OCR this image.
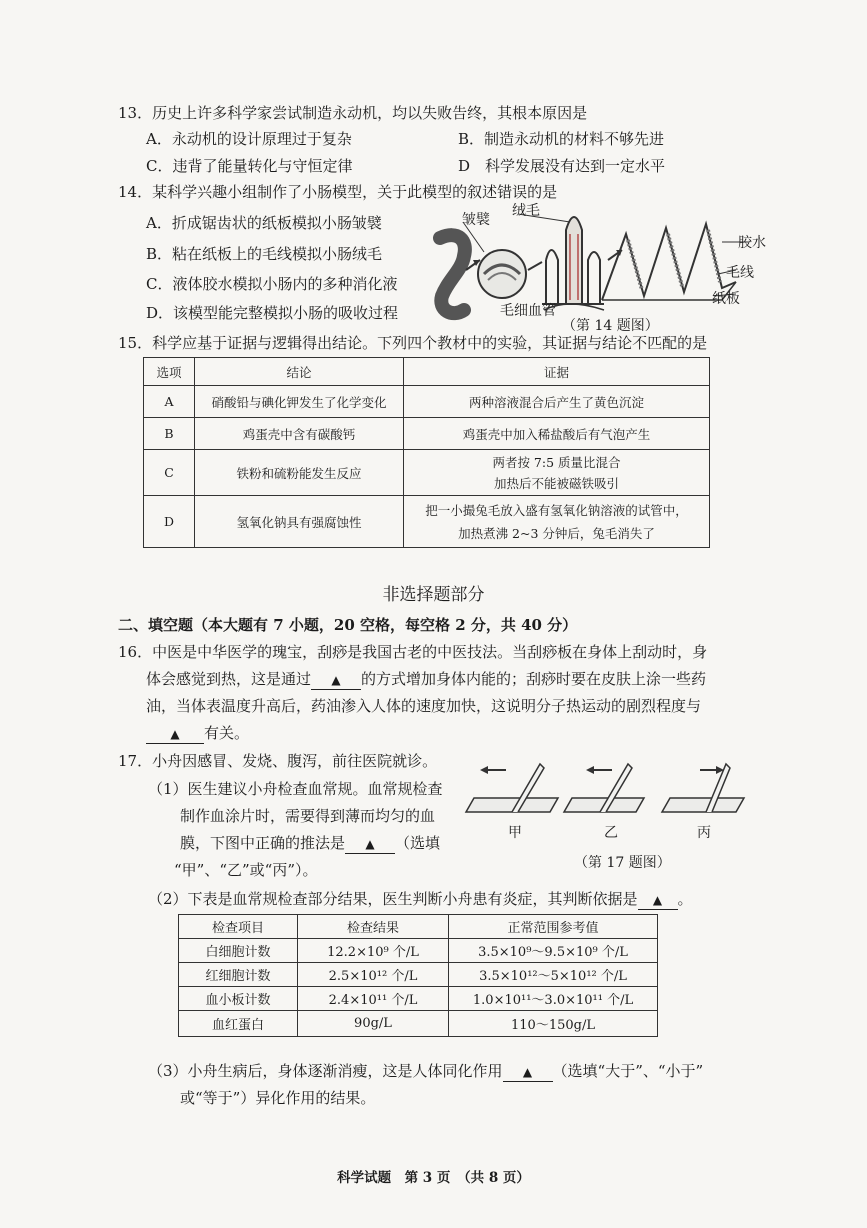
13．历史上许多科学家尝试制造永动机，均以失败告终，其根本原因是
A．永动机的设计原理过于复杂	B．制造永动机的材料不够先进
C．违背了能量转化与守恒定律	D　科学发展没有达到一定水平
14．某科学兴趣小组制作了小肠模型，关于此模型的叙述错误的是
A．折成锯齿状的纸板模拟小肠皱襞
B．粘在纸板上的毛线模拟小肠绒毛
C．液体胶水模拟小肠内的多种消化液
D．该模型能完整模拟小肠的吸收过程
皱襞
绒毛
毛细血管
胶水
毛线
纸板
（第 14 题图）
15．科学应基于证据与逻辑得出结论。下列四个教材中的实验，其证据与结论不匹配的是
选项	结论	证据
A	硝酸铅与碘化钾发生了化学变化	两种溶液混合后产生了黄色沉淀
B	鸡蛋壳中含有碳酸钙	鸡蛋壳中加入稀盐酸后有气泡产生
C	铁粉和硫粉能发生反应	两者按 7:5 质量比混合
加热后不能被磁铁吸引

D	氢氧化钠具有强腐蚀性	把一小撮兔毛放入盛有氢氧化钠溶液的试管中，
加热煮沸 2~3 分钟后，兔毛消失了
非选择题部分
二、填空题（本大题有 7 小题，20 空格，每空格 2 分，共 40 分）
16．中医是中华医学的瑰宝，刮痧是我国古老的中医技法。当刮痧板在身体上刮动时，身
体会感觉到热，这是通过 ▲ 的方式增加身体内能的；刮痧时要在皮肤上涂一些药
油，当体表温度升高后，药油渗入人体的速度加快，这说明分子热运动的剧烈程度与
▲ 有关。
17．小舟因感冒、发烧、腹泻，前往医院就诊。
（1）医生建议小舟检查血常规。血常规检查
制作血涂片时，需要得到薄而均匀的血
膜，下图中正确的推法是 ▲ （选填
“甲”、“乙”或“丙”）。
甲	乙	丙
（第 17 题图）
（2）下表是血常规检查部分结果，医生判断小舟患有炎症，其判断依据是 ▲ 。
检查项目	检查结果	正常范围参考值
白细胞计数	12.2×10⁹ 个/L	3.5×10⁹～9.5×10⁹ 个/L
红细胞计数	2.5×10¹² 个/L	3.5×10¹²～5×10¹² 个/L
血小板计数	2.4×10¹¹ 个/L	1.0×10¹¹～3.0×10¹¹ 个/L
血红蛋白	90g/L	110～150g/L
（3）小舟生病后，身体逐渐消瘦，这是人体同化作用 ▲ （选填“大于”、“小于”
或“等于”）异化作用的结果。
科学试题　第 3 页　（共 8 页）
